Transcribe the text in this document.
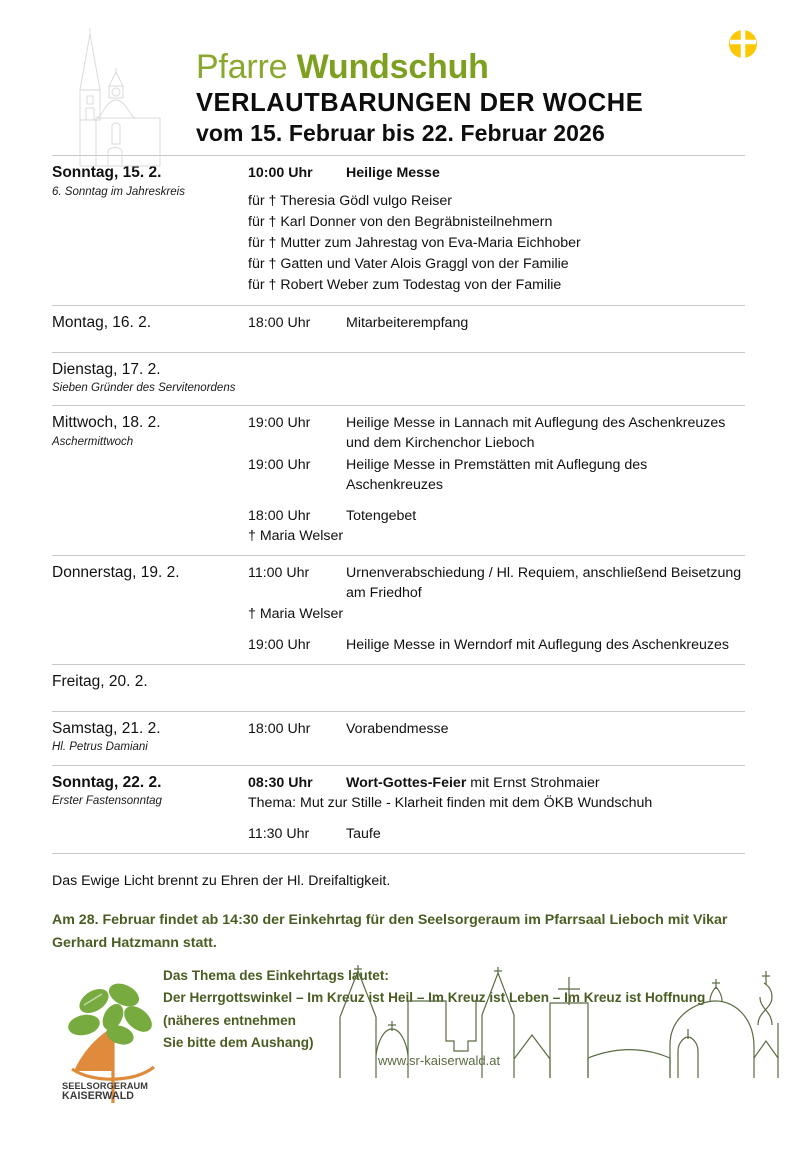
Pfarre Wundschuh
VERLAUTBARUNGEN DER WOCHE
vom 15. Februar bis 22. Februar 2026
Sonntag, 15. 2.
6. Sonntag im Jahreskreis
10:00 Uhr	Heilige Messe
für † Theresia Gödl vulgo Reiser
für † Karl Donner von den Begräbnisteilnehmern
für † Mutter zum Jahrestag von Eva-Maria Eichhober
für † Gatten und Vater Alois Graggl von der Familie
für † Robert Weber zum Todestag von der Familie
Montag, 16. 2.	18:00 Uhr	Mitarbeiterempfang
Dienstag, 17. 2.
Sieben Gründer des Servitenordens
Mittwoch, 18. 2.
Aschermittwoch
19:00 Uhr	Heilige Messe in Lannach mit Auflegung des Aschenkreuzes und dem Kirchenchor Lieboch
19:00 Uhr	Heilige Messe in Premstätten mit Auflegung des Aschenkreuzes
18:00 Uhr	Totengebet
† Maria Welser
Donnerstag, 19. 2.	11:00 Uhr	Urnenverabschiedung / Hl. Requiem, anschließend Beisetzung am Friedhof
† Maria Welser
19:00 Uhr	Heilige Messe in Werndorf mit Auflegung des Aschenkreuzes
Freitag, 20. 2.
Samstag, 21. 2.
Hl. Petrus Damiani
18:00 Uhr	Vorabendmesse
Sonntag, 22. 2.
Erster Fastensonntag
08:30 Uhr	Wort-Gottes-Feier mit Ernst Strohmaier
Thema: Mut zur Stille - Klarheit finden mit dem ÖKB Wundschuh
11:30 Uhr	Taufe
Das Ewige Licht brennt zu Ehren der Hl. Dreifaltigkeit.
Am 28. Februar findet ab 14:30 der Einkehrtag für den Seelsorgeraum im Pfarrsaal Lieboch mit Vikar Gerhard Hatzmann statt.
SEELSORGERAUM
KAISERWALD
Das Thema des Einkehrtags lautet:
Der Herrgottswinkel – Im Kreuz ist Heil – Im Kreuz ist Leben – Im Kreuz ist Hoffnung
(näheres entnehmen
Sie bitte dem Aushang)
www.sr-kaiserwald.at
